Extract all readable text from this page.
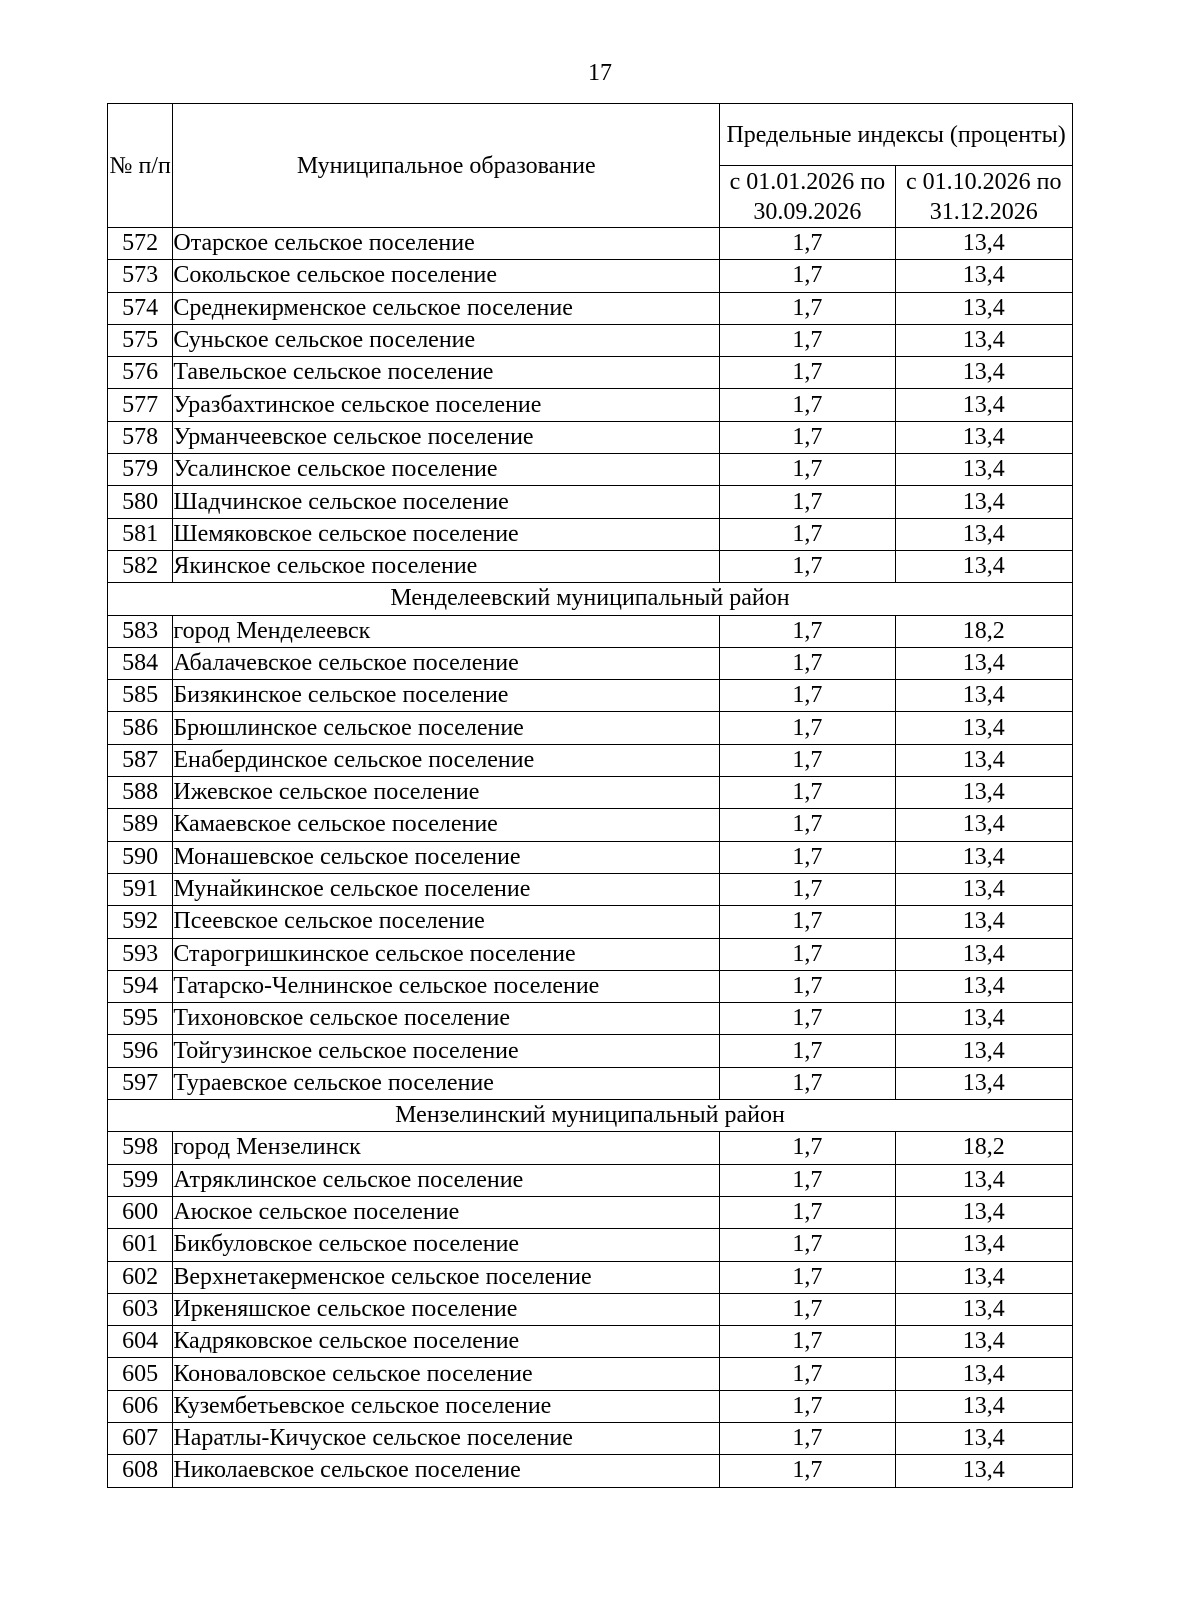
17
№ п/п	Муниципальное образование	Предельные индексы (проценты)	
		с 01.01.2026 по 30.09.2026	с 01.10.2026 по 31.12.2026
572	Отарское сельское поселение	1,7	13,4
573	Сокольское сельское поселение	1,7	13,4
574	Среднекирменское сельское поселение	1,7	13,4
575	Суньское сельское поселение	1,7	13,4
576	Тавельское сельское поселение	1,7	13,4
577	Уразбахтинское сельское поселение	1,7	13,4
578	Урманчеевское сельское поселение	1,7	13,4
579	Усалинское сельское поселение	1,7	13,4
580	Шадчинское сельское поселение	1,7	13,4
581	Шемяковское сельское поселение	1,7	13,4
582	Якинское сельское поселение	1,7	13,4
Менделеевский муниципальный район			
583	город Менделеевск	1,7	18,2
584	Абалачевское сельское поселение	1,7	13,4
585	Бизякинское сельское поселение	1,7	13,4
586	Брюшлинское сельское поселение	1,7	13,4
587	Енабердинское сельское поселение	1,7	13,4
588	Ижевское сельское поселение	1,7	13,4
589	Камаевское сельское поселение	1,7	13,4
590	Монашевское сельское поселение	1,7	13,4
591	Мунайкинское сельское поселение	1,7	13,4
592	Псеевское сельское поселение	1,7	13,4
593	Старогришкинское сельское поселение	1,7	13,4
594	Татарско-Челнинское сельское поселение	1,7	13,4
595	Тихоновское сельское поселение	1,7	13,4
596	Тойгузинское сельское поселение	1,7	13,4
597	Тураевское сельское поселение	1,7	13,4
Мензелинский муниципальный район			
598	город Мензелинск	1,7	18,2
599	Атряклинское сельское поселение	1,7	13,4
600	Аюское сельское поселение	1,7	13,4
601	Бикбуловское сельское поселение	1,7	13,4
602	Верхнетакерменское сельское поселение	1,7	13,4
603	Иркеняшское сельское поселение	1,7	13,4
604	Кадряковское сельское поселение	1,7	13,4
605	Коноваловское сельское поселение	1,7	13,4
606	Кузембетьевское сельское поселение	1,7	13,4
607	Наратлы-Кичуское сельское поселение	1,7	13,4
608	Николаевское сельское поселение	1,7	13,4
